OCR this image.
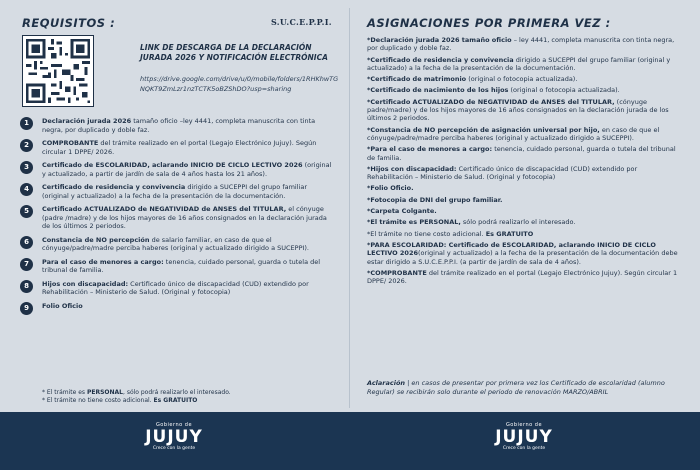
REQUISITOS :	S.U.C.E.P.P.I.
LINK DE DESCARGA DE LA DECLARACIÓN JURADA 2026 Y NOTIFICACIÓN ELECTRÓNICA
https://drive.google.com/drive/u/0/mobile/folders/1RHKhwTGNQKT9ZmLzr1nzTCTK5oBZShDO?usp=sharing
1	Declaración jurada 2026 tamaño oficio –ley 4441, completa manuscrita con tinta negra, por duplicado y doble faz.
2	COMPROBANTE del trámite realizado en el portal (Legajo Electrónico Jujuy). Según circular 1 DPPE/ 2026.
3	Certificado de ESCOLARIDAD, aclarando INICIO DE CICLO LECTIVO 2026 (original y actualizado, a partir de jardín de sala de 4 años hasta los 21 años).
4	Certificado de residencia y convivencia dirigido a SUCEPPI del grupo familiar (original y actualizado) a la fecha de la presentación de la documentación.
5	Certificado ACTUALIZADO de NEGATIVIDAD de ANSES del TITULAR, el cónyuge (padre /madre) y de los hijos mayores de 16 años consignados en la declaración jurada de los últimos 2 periodos.
6	Constancia de NO percepción de salario familiar, en caso de que el cónyuge/padre/madre perciba haberes (original y actualizado dirigido a SUCEPPI).
7	Para el caso de menores a cargo: tenencia, cuidado personal, guarda o tutela del tribunal de familia.
8	Hijos con discapacidad: Certificado único de discapacidad (CUD) extendido por Rehabilitación – Ministerio de Salud. (Original y fotocopia)
9	Folio Oficio
* El trámite es PERSONAL, sólo podrá realizarlo el interesado.
* El trámite no tiene costo adicional. Es GRATUITO
ASIGNACIONES POR PRIMERA VEZ :

*Declaración jurada 2026 tamaño oficio – ley 4441, completa manuscrita con tinta negra, por duplicado y doble faz.

*Certificado de residencia y convivencia dirigido a SUCEPPI del grupo familiar (original y actualizado) a la fecha de la presentación de la documentación.

*Certificado de matrimonio (original o fotocopia actualizada).

*Certificado de nacimiento de los hijos (original o fotocopia actualizada).

*Certificado ACTUALIZADO de NEGATIVIDAD de ANSES del TITULAR, (cónyuge padre/madre) y de los hijos mayores de 16 años consignados en la declaración jurada de los últimos 2 periodos.

*Constancia de NO percepción de asignación universal por hijo, en caso de que el cónyuge/padre/madre perciba haberes (original y actualizado dirigido a SUCEPPI).

*Para el caso de menores a cargo: tenencia, cuidado personal, guarda o tutela del tribunal de familia.

*Hijos con discapacidad: Certificado único de discapacidad (CUD) extendido por Rehabilitación – Ministerio de Salud. (Original y fotocopia)

*Folio Oficio.

*Fotocopia de DNI del grupo familiar.

*Carpeta Colgante.

*El trámite es PERSONAL, sólo podrá realizarlo el interesado.

*El trámite no tiene costo adicional. Es GRATUITO

*PARA ESCOLARIDAD: Certificado de ESCOLARIDAD, aclarando INICIO DE CICLO LECTIVO 2026(original y actualizado) a la fecha de la presentación de la documentación debe estar dirigido a S.U.C.E.P.P.I. (a partir de jardín de sala de 4 años).

*COMPROBANTE del trámite realizado en el portal (Legajo Electrónico Jujuy). Según circular 1 DPPE/ 2026.

Aclaración | en casos de presentar por primera vez los Certificado de escolaridad (alumno Regular) se recibirán solo durante el periodo de renovación MARZO/ABRIL
Gobierno de
JUJUY
Crece con la gente
Gobierno de
JUJUY
Crece con la gente
